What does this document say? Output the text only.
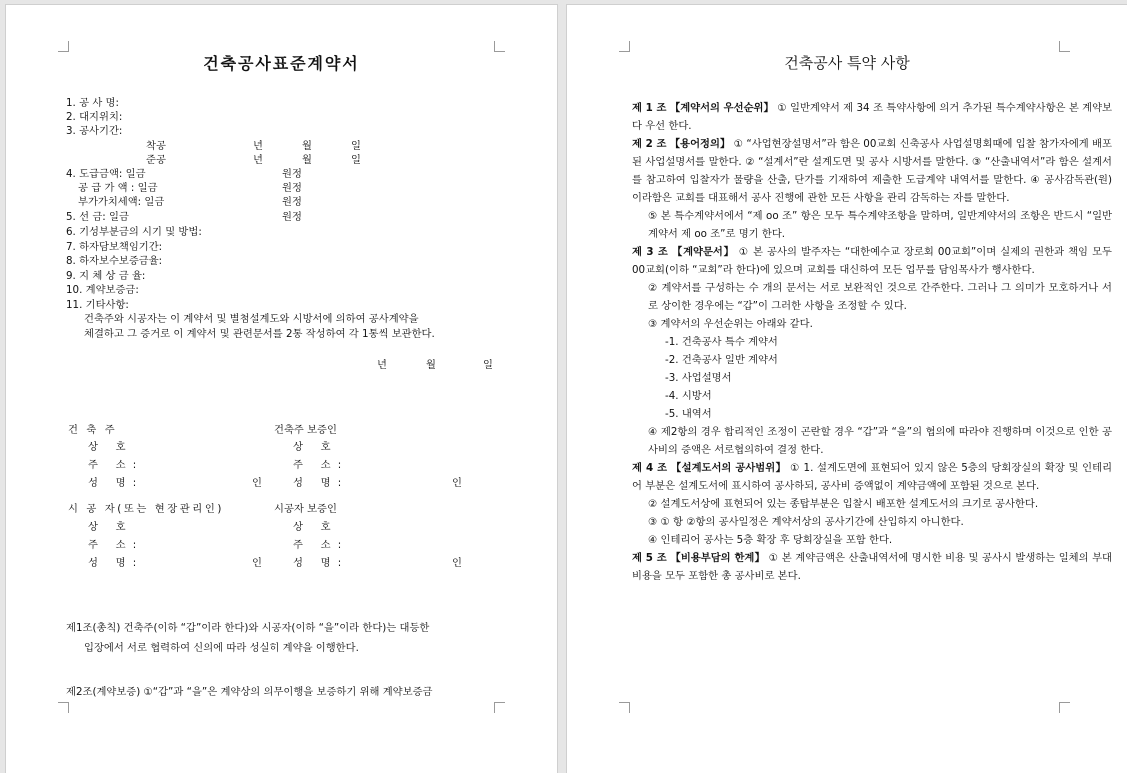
건축공사표준계약서
1. 공 사 명:
2. 대지위치:
3. 공사기간:
착공	년	월	일
준공	년	월	일
4. 도급금액: 일금	원정
공 급 가 액 : 일금	원정
부가가치세액: 일금	원정
5. 선 금: 일금	원정
6. 기성부분금의 시기 및 방법:
7. 하자담보책임기간:
8. 하자보수보증금율:
9. 지 체 상 금 율:
10. 계약보증금:
11. 기타사항:
건축주와 시공자는 이 계약서 및 별첨설계도와 시방서에 의하여 공사계약을
체결하고 그 증거로 이 계약서 및 관련문서를 2통 작성하여 각 1통씩 보관한다.
년	월	일
건 축 주	건축주 보증인
상 호	상 호
주 소:	주 소:
성 명:	인	성 명:	인
시 공 자(또는 현장관리인)	시공자 보증인
상 호	상 호
주 소:	주 소:
성 명:	인	성 명:	인
제1조(총칙) 건축주(이하 “갑”이라 한다)와 시공자(이하 “을”이라 한다)는 대등한
입장에서 서로 협력하여 신의에 따라 성실히 계약을 이행한다.
제2조(계약보증) ①“갑”과 “을”은 계약상의 의무이행을 보증하기 위해 계약보증금
건축공사 특약 사항

제 1 조 【계약서의 우선순위】 ① 일반계약서 제 34 조 특약사항에 의거 추가된 특수계약사항은 본 계약보다 우선 한다.

제 2 조 【용어정의】 ① “사업현장설명서”라 함은 00교회 신축공사 사업설명회때에 입찰 참가자에게 배포 된 사업설명서를 말한다. ② “설계서”란 설계도면 및 공사 시방서를 말한다. ③ “산출내역서”라 함은 설계서를 참고하여 입찰자가 물량을 산출, 단가를 기재하여 제출한 도급계약 내역서를 말한다. ④ 공사감독관(원)이라함은 교회를 대표해서 공사 진행에 관한 모든 사항을 관리 감독하는 자를 말한다.

⑤ 본 특수계약서에서 “제 oo 조” 항은 모두 특수계약조항을 말하며, 일반계약서의 조항은 반드시 “일반계약서 제 oo 조”로 명기 한다.

제 3 조 【계약문서】 ① 본 공사의 발주자는 “대한예수교 장로회 00교회”이며 실제의 권한과 책임 모두 00교회(이하 “교회”라 한다)에 있으며 교회를 대신하여 모든 업무를 담임목사가 행사한다.

② 계약서를 구성하는 수 개의 문서는 서로 보완적인 것으로 간주한다. 그러나 그 의미가 모호하거나 서로 상이한 경우에는 “갑”이 그러한 사항을 조정할 수 있다.

③ 계약서의 우선순위는 아래와 같다.

-1. 건축공사 특수 계약서

-2. 건축공사 일반 계약서

-3. 사업설명서

-4. 시방서

-5. 내역서

④ 제2항의 경우 합리적인 조정이 곤란할 경우 “갑”과 “을”의 협의에 따라야 진행하며 이것으로 인한 공사비의 증액은 서로협의하여 결정 한다.

제 4 조 【설계도서의 공사범위】 ① 1. 설계도면에 표현되어 있지 않은 5층의 당회장실의 확장 및 인테리어 부분은 설계도서에 표시하여 공사하되, 공사비 증액없이 계약금액에 포함된 것으로 본다.

② 설계도서상에 표현되어 있는 종탑부분은 입찰시 배포한 설계도서의 크기로 공사한다.

③ ① 항 ②항의 공사일정은 계약서상의 공사기간에 산입하지 아니한다.

④ 인테리어 공사는 5층 확장 후 당회장실을 포함 한다.

제 5 조 【비용부담의 한계】 ① 본 계약금액은 산출내역서에 명시한 비용 및 공사시 발생하는 일체의 부대비용을 모두 포함한 총 공사비로 본다.
